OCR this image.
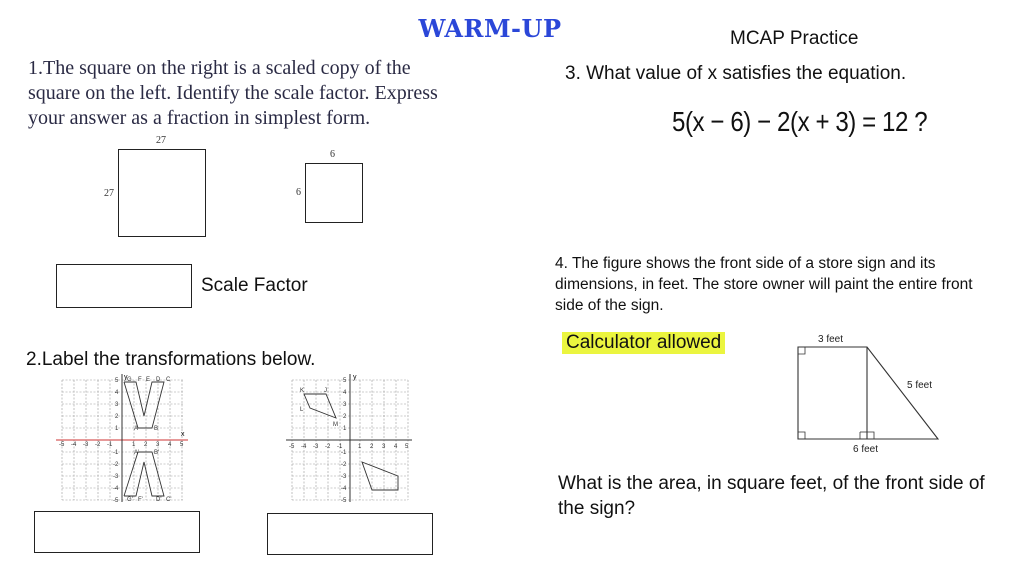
WARM-UP	MCAP Practice
1.The square on the right is a scaled copy of the square on the left. Identify the scale factor. Express your answer as a fraction in simplest form.
27
27
6
6
Scale Factor
2.Label the transformations below.
x
y
-5 -4 -3 -2 -1	1 2 3 4 5
5
4
3
2
1
-1
-2
-3
-4
-5
G F E D C
A	B
A' B'
G' F' D' C'
y
-5 -4 -3 -2 -1	1 2 3 4 5
5
4
3
2
1
-1
-2
-3
-4
-5
K	J
L
M
3. What value of x satisfies the equation.
5(x − 6) − 2(x + 3) = 12 ?
4. The figure shows the front side of a store sign and its dimensions, in feet. The store owner will paint the entire front side of the sign.
Calculator allowed	3 feet
5 feet
6 feet
What is the area, in square feet, of the front side of the sign?
